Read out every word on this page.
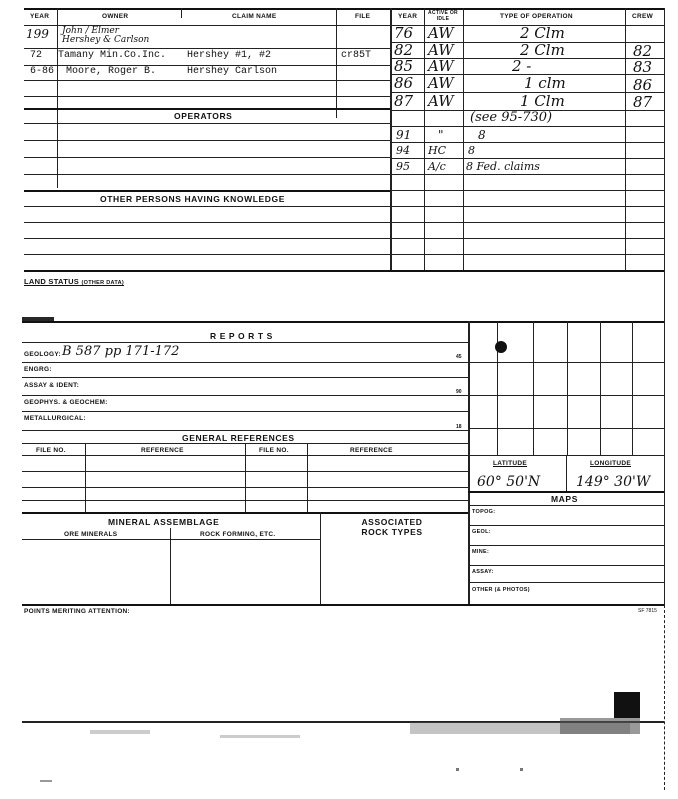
YEAR	OWNER	CLAIM NAME	FILE	YEAR	ACTIVE OR IDLE	TYPE OF OPERATION	CREW
199 John / Elmer
Hershey & Carlson
72 Tamany Min.Co.Inc. Hershey #1, #2	cr85T
6-86 Moore, Roger B.	Hershey Carlson
OPERATORS
OTHER PERSONS HAVING KNOWLEDGE
76 AW	2 Clm
82 AW	2 Clm	82
85 AW	2 -	83
86 AW	1 clm	86
87 AW	1 Clm	87
(see 95-730)
91 "	8
94 HC 8
95 A/c 8 Fed. claims
LAND STATUS (OTHER DATA)
R E P O R T S
GEOLOGY: B 587 pp 171-172	45
ENGRG:
ASSAY & IDENT:
90
GEOPHYS. & GEOCHEM:
METALLURGICAL:
18
GENERAL REFERENCES
FILE NO.	REFERENCE	FILE NO.	REFERENCE
MINERAL ASSEMBLAGE
ORE MINERALS	ROCK FORMING, ETC.
ASSOCIATED ROCK TYPES
LATITUDE	LONGITUDE
60° 50'N	149° 30'W
MAPS
TOPOG:
GEOL:
MINE:
ASSAY:
OTHER (& PHOTOS)
POINTS MERITING ATTENTION:	SF 7815
